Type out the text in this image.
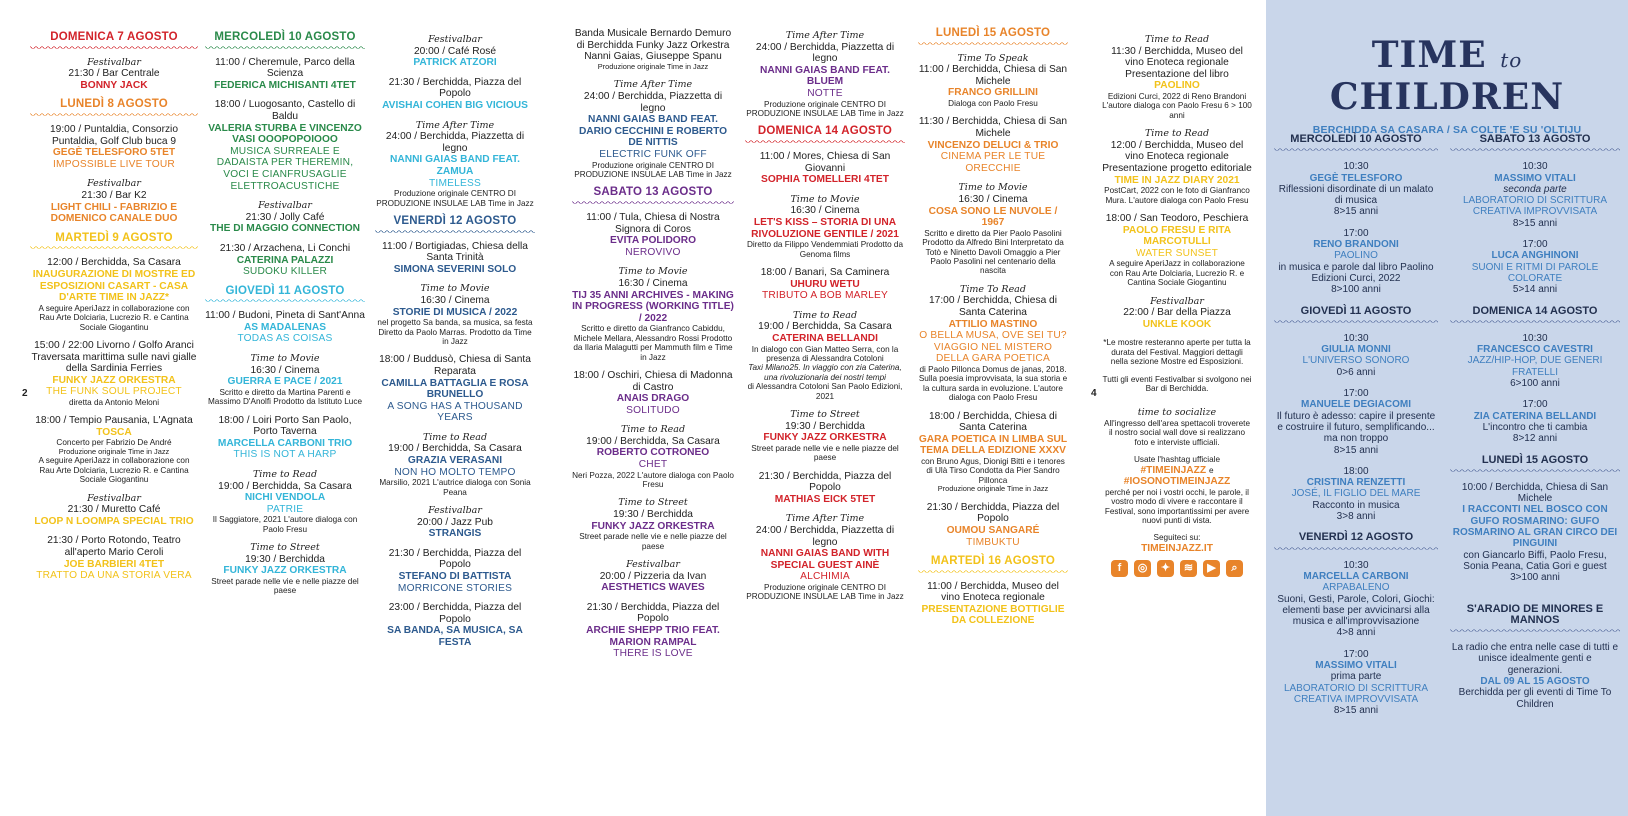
2	4
DOMENICA 7 AGOSTO
Festivalbar
21:30 / Bar Centrale
BONNY JACK
LUNEDÌ 8 AGOSTO
19:00 / Puntaldia, Consorzio Puntaldia, Golf Club buca 9
GEGÈ TELESFORO 5TET
IMPOSSIBLE LIVE TOUR
Festivalbar
21:30 / Bar K2
LIGHT CHILI - FABRIZIO E DOMENICO CANALE DUO
MARTEDÌ 9 AGOSTO
12:00 / Berchidda, Sa Casara
INAUGURAZIONE DI MOSTRE ED ESPOSIZIONI CASART - CASA D'ARTE TIME IN JAZZ*
A seguire AperiJazz in collaborazione con Rau Arte Dolciaria, Lucrezio R. e Cantina Sociale Giogantinu
15:00 / 22:00 Livorno / Golfo Aranci Traversata marittima sulle navi gialle della Sardinia Ferries
FUNKY JAZZ ORKESTRA
THE FUNK SOUL PROJECT
diretta da Antonio Meloni
18:00 / Tempio Pausania, L'Agnata
TOSCA
Concerto per Fabrizio De André
Produzione originale Time in Jazz
A seguire AperiJazz in collaborazione con Rau Arte Dolciaria, Lucrezio R. e Cantina Sociale Giogantinu
Festivalbar
21:30 / Muretto Café
LOOP N LOOMPA SPECIAL TRIO
21:30 / Porto Rotondo, Teatro all'aperto Mario Ceroli
JOE BARBIERI 4TET
TRATTO DA UNA STORIA VERA
MERCOLEDÌ 10 AGOSTO
11:00 / Cheremule, Parco della Scienza
FEDERICA MICHISANTI 4TET
18:00 / Luogosanto, Castello di Baldu
VALERIA STURBA E VINCENZO VASI OOOPOPOIOOO
MUSICA SURREALE E DADAISTA PER THEREMIN, VOCI E CIANFRUSAGLIE ELETTROACUSTICHE
Festivalbar
21:30 / Jolly Café
THE DI MAGGIO CONNECTION
21:30 / Arzachena, Li Conchi
CATERINA PALAZZI
SUDOKU KILLER
GIOVEDÌ 11 AGOSTO
11:00 / Budoni, Pineta di Sant'Anna
AS MADALENAS
TODAS AS COISAS
Time to Movie
16:30 / Cinema
GUERRA E PACE / 2021
Scritto e diretto da Martina Parenti e Massimo D'Anolfi Prodotto da Istituto Luce
18:00 / Loiri Porto San Paolo, Porto Taverna
MARCELLA CARBONI TRIO
THIS IS NOT A HARP
Time to Read
19:00 / Berchidda, Sa Casara
NICHI VENDOLA
PATRIE
Il Saggiatore, 2021 L'autore dialoga con Paolo Fresu
Time to Street
19:30 / Berchidda
FUNKY JAZZ ORKESTRA
Street parade nelle vie e nelle piazze del paese
Festivalbar
20:00 / Café Rosé
PATRICK ATZORI
21:30 / Berchidda, Piazza del Popolo
AVISHAI COHEN BIG VICIOUS
Time After Time
24:00 / Berchidda, Piazzetta di legno
NANNI GAIAS BAND FEAT. ZAMUA
TIMELESS
Produzione originale CENTRO DI PRODUZIONE INSULAE LAB Time in Jazz
VENERDÌ 12 AGOSTO
11:00 / Bortigiadas, Chiesa della Santa Trinità
SIMONA SEVERINI SOLO
Time to Movie
16:30 / Cinema
STORIE DI MUSICA / 2022
nel progetto Sa banda, sa musica, sa festa Diretto da Paolo Marras. Prodotto da Time in Jazz
18:00 / Buddusò, Chiesa di Santa Reparata
CAMILLA BATTAGLIA E ROSA BRUNELLO
A SONG HAS A THOUSAND YEARS
Time to Read
19:00 / Berchidda, Sa Casara
GRAZIA VERASANI
NON HO MOLTO TEMPO
Marsilio, 2021 L'autrice dialoga con Sonia Peana
Festivalbar
20:00 / Jazz Pub
STRANGIS
21:30 / Berchidda, Piazza del Popolo
STEFANO DI BATTISTA
MORRICONE STORIES
23:00 / Berchidda, Piazza del Popolo
SA BANDA, SA MUSICA, SA FESTA
Banda Musicale Bernardo Demuro di Berchidda Funky Jazz Orkestra Nanni Gaias, Giuseppe Spanu
Produzione originale Time in Jazz
Time After Time
24:00 / Berchidda, Piazzetta di legno
NANNI GAIAS BAND FEAT. DARIO CECCHINI E ROBERTO DE NITTIS
ELECTRIC FUNK OFF
Produzione originale CENTRO DI PRODUZIONE INSULAE LAB Time in Jazz
SABATO 13 AGOSTO
11:00 / Tula, Chiesa di Nostra Signora di Coros
EVITA POLIDORO
NEROVIVO
Time to Movie
16:30 / Cinema
TIJ 35 ANNI ARCHIVES - MAKING IN PROGRESS (WORKING TITLE) / 2022
Scritto e diretto da Gianfranco Cabiddu, Michele Mellara, Alessandro Rossi Prodotto da Ilaria Malagutti per Mammuth film e Time in Jazz
18:00 / Oschiri, Chiesa di Madonna di Castro
ANAIS DRAGO
SOLITUDO
Time to Read
19:00 / Berchidda, Sa Casara
ROBERTO COTRONEO
CHET
Neri Pozza, 2022 L'autore dialoga con Paolo Fresu
Time to Street
19:30 / Berchidda
FUNKY JAZZ ORKESTRA
Street parade nelle vie e nelle piazze del paese
Festivalbar
20:00 / Pizzeria da Ivan
AESTHETICS WAVES
21:30 / Berchidda, Piazza del Popolo
ARCHIE SHEPP TRIO FEAT. MARION RAMPAL
THERE IS LOVE
Time After Time
24:00 / Berchidda, Piazzetta di legno
NANNI GAIAS BAND FEAT. BLUEM
NOTTE
Produzione originale CENTRO DI PRODUZIONE INSULAE LAB Time in Jazz
DOMENICA 14 AGOSTO
11:00 / Mores, Chiesa di San Giovanni
SOPHIA TOMELLERI 4TET
Time to Movie
16:30 / Cinema
LET'S KISS – STORIA DI UNA RIVOLUZIONE GENTILE / 2021
Diretto da Filippo Vendemmiati Prodotto da Genoma films
18:00 / Banari, Sa Caminera
UHURU WETU
TRIBUTO A BOB MARLEY
Time to Read
19:00 / Berchidda, Sa Casara
CATERINA BELLANDI
In dialogo con Gian Matteo Serra, con la presenza di Alessandra Cotoloni
Taxi Milano25. In viaggio con zia Caterina, una rivoluzionaria dei nostri tempi
di Alessandra Cotoloni San Paolo Edizioni, 2021
Time to Street
19:30 / Berchidda
FUNKY JAZZ ORKESTRA
Street parade nelle vie e nelle piazze del paese
21:30 / Berchidda, Piazza del Popolo
MATHIAS EICK 5TET
Time After Time
24:00 / Berchidda, Piazzetta di legno
NANNI GAIAS BAND WITH SPECIAL GUEST AINÈ
ALCHIMIA
Produzione originale CENTRO DI PRODUZIONE INSULAE LAB Time in Jazz
LUNEDÌ 15 AGOSTO
Time To Speak
11:00 / Berchidda, Chiesa di San Michele
FRANCO GRILLINI
Dialoga con Paolo Fresu
11:30 / Berchidda, Chiesa di San Michele
VINCENZO DELUCI & TRIO
CINEMA PER LE TUE ORECCHIE
Time to Movie
16:30 / Cinema
COSA SONO LE NUVOLE / 1967
Scritto e diretto da Pier Paolo Pasolini Prodotto da Alfredo Bini Interpretato da Totò e Ninetto Davoli Omaggio a Pier Paolo Pasolini nel centenario della nascita
Time To Read
17:00 / Berchidda, Chiesa di Santa Caterina
ATTILIO MASTINO
O BELLA MUSA, OVE SEI TU? VIAGGIO NEL MISTERO DELLA GARA POETICA
di Paolo Pillonca Domus de janas, 2018. Sulla poesia improvvisata, la sua storia e la cultura sarda in evoluzione. L'autore dialoga con Paolo Fresu
18:00 / Berchidda, Chiesa di Santa Caterina
GARA POETICA IN LIMBA SUL TEMA DELLA EDIZIONE XXXV
con Bruno Agus, Dionigi Bitti e i tenores di Ulà Tirso Condotta da Pier Sandro Pillonca
Produzione originale Time in Jazz
21:30 / Berchidda, Piazza del Popolo
OUMOU SANGARÉ
TIMBUKTU
MARTEDÌ 16 AGOSTO
11:00 / Berchidda, Museo del vino Enoteca regionale
PRESENTAZIONE BOTTIGLIE DA COLLEZIONE
Time to Read
11:30 / Berchidda, Museo del vino Enoteca regionale Presentazione del libro
PAOLINO
Edizioni Curci, 2022 di Reno Brandoni L'autore dialoga con Paolo Fresu 6 > 100 anni
Time to Read
12:00 / Berchidda, Museo del vino Enoteca regionale Presentazione progetto editoriale
TIME IN JAZZ DIARY 2021
PostCart, 2022 con le foto di Gianfranco Mura. L'autore dialoga con Paolo Fresu
18:00 / San Teodoro, Peschiera
PAOLO FRESU E RITA MARCOTULLI
WATER SUNSET
A seguire AperiJazz in collaborazione con Rau Arte Dolciaria, Lucrezio R. e Cantina Sociale Giogantinu
Festivalbar
22:00 / Bar della Piazza
UNKLE KOOK
*Le mostre resteranno aperte per tutta la durata del Festival. Maggiori dettagli nella sezione Mostre ed Esposizioni.
Tutti gli eventi Festivalbar si svolgono nei Bar di Berchidda.
time to socialize
All'ingresso dell'area spettacoli troverete il nostro social wall dove si realizzano foto e interviste ufficiali.
Usate l'hashtag ufficiale
#TIMEINJAZZ e
#IOSONOTIMEINJAZZ
perché per noi i vostri occhi, le parole, il vostro modo di vivere e raccontare il Festival, sono importantissimi per avere nuovi punti di vista.
Seguiteci su:
TIMEINJAZZ.IT
f	◎	✦	≋	▶	⌕
TIME to CHILDREN
BERCHIDDA SA CASARA / SA COLTE 'E SU 'OLTIJU
MERCOLEDÌ 10 AGOSTO
10:30
GEGÈ TELESFORO
Riflessioni disordinate di un malato di musica
8>15 anni
17:00
RENO BRANDONI
PAOLINO
in musica e parole dal libro Paolino Edizioni Curci, 2022
8>100 anni
GIOVEDÌ 11 AGOSTO
10:30
GIULIA MONNI
L'UNIVERSO SONORO
0>6 anni
17:00
MANUELE DEGIACOMI
Il futuro è adesso: capire il presente e costruire il futuro, semplificando... ma non troppo
8>15 anni
18:00
CRISTINA RENZETTI
JOSÉ, IL FIGLIO DEL MARE
Racconto in musica
3>8 anni
VENERDÌ 12 AGOSTO
10:30
MARCELLA CARBONI
ARPABALENO
Suoni, Gesti, Parole, Colori, Giochi: elementi base per avvicinarsi alla musica e all'improvvisazione
4>8 anni
17:00
MASSIMO VITALI
prima parte
LABORATORIO DI SCRITTURA CREATIVA IMPROVVISATA
8>15 anni
SABATO 13 AGOSTO
10:30
MASSIMO VITALI
seconda parte
LABORATORIO DI SCRITTURA CREATIVA IMPROVVISATA
8>15 anni
17:00
LUCA ANGHINONI
SUONI E RITMI DI PAROLE COLORATE
5>14 anni
DOMENICA 14 AGOSTO
10:30
FRANCESCO CAVESTRI
JAZZ/HIP-HOP, DUE GENERI FRATELLI
6>100 anni
17:00
ZIA CATERINA BELLANDI
L'incontro che ti cambia
8>12 anni
LUNEDÌ 15 AGOSTO
10:00 / Berchidda, Chiesa di San Michele
I RACCONTI NEL BOSCO CON GUFO ROSMARINO: GUFO ROSMARINO AL GRAN CIRCO DEI PINGUINI
con Giancarlo Biffi, Paolo Fresu, Sonia Peana, Catia Gori e guest
3>100 anni
S'ARADIO DE MINORES E MANNOS
La radio che entra nelle case di tutti e unisce idealmente genti e generazioni.
DAL 09 AL 15 AGOSTO
Berchidda per gli eventi di Time To Children
